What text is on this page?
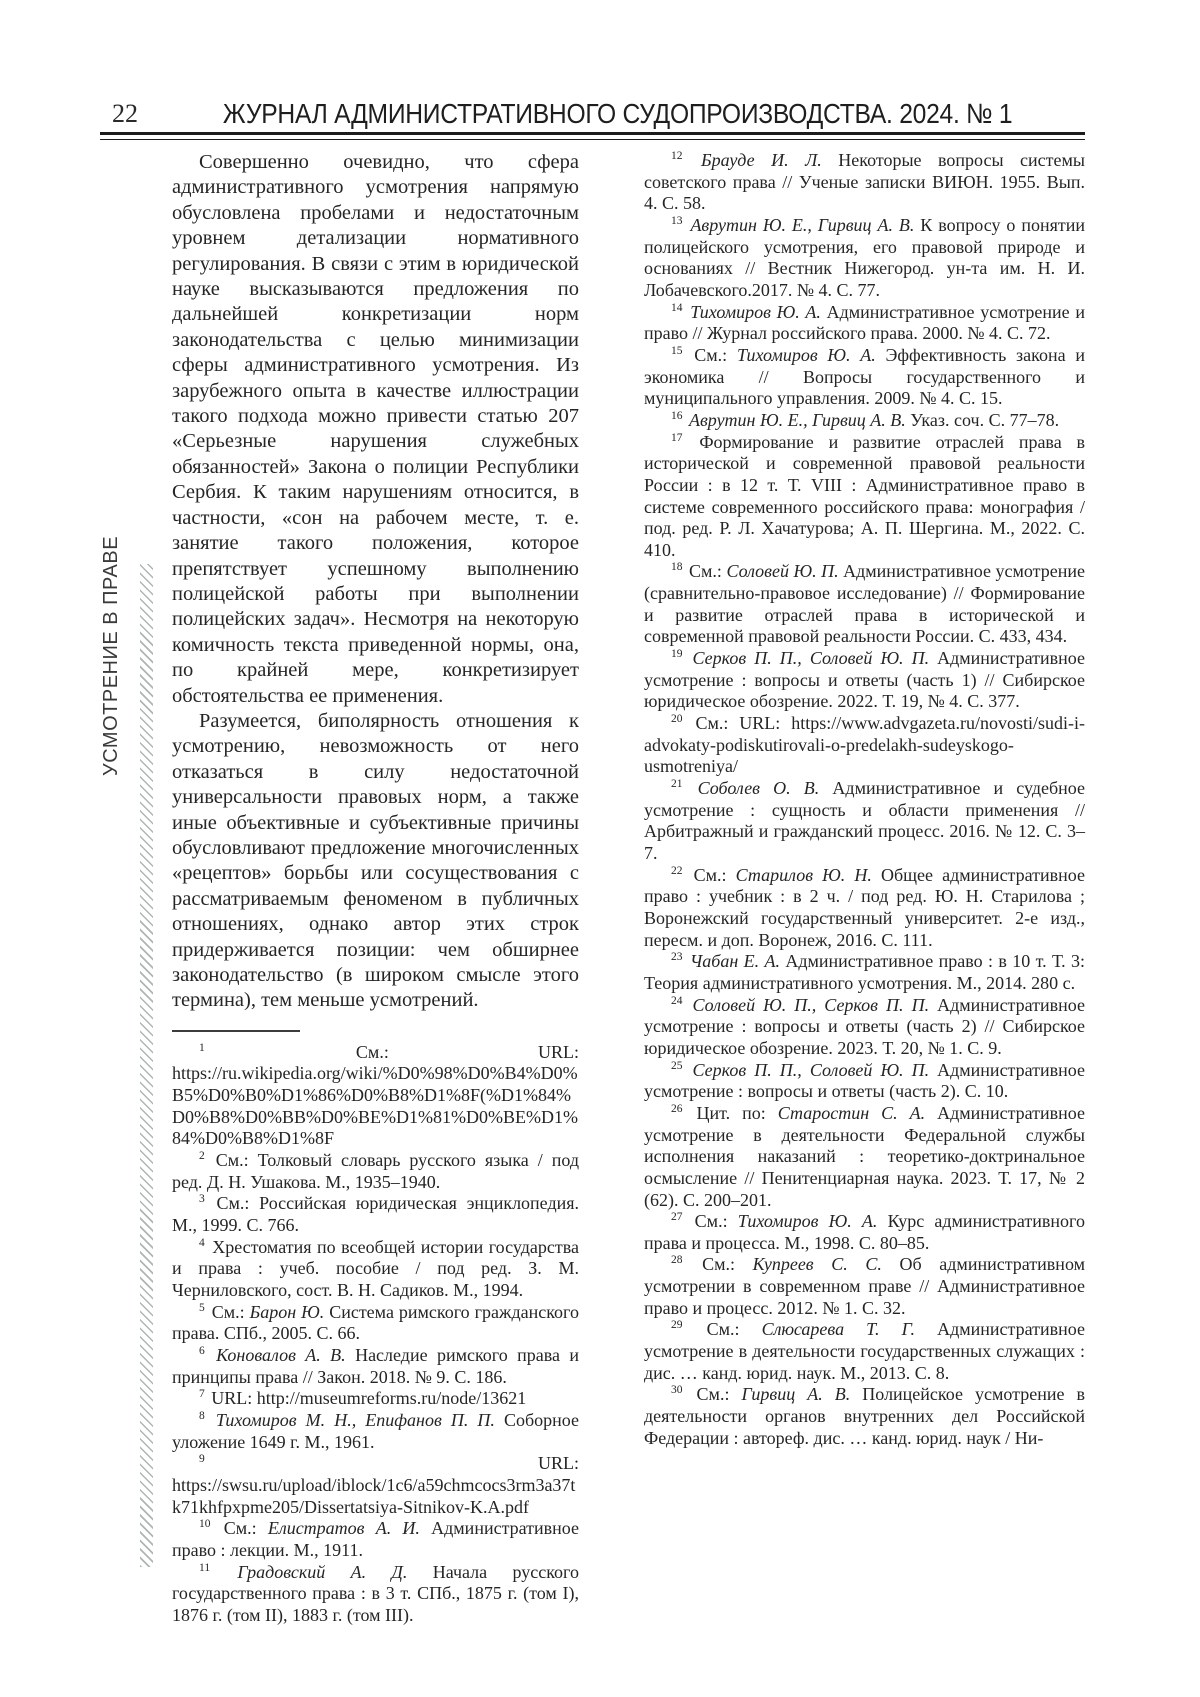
22	ЖУРНАЛ АДМИНИСТРАТИВНОГО СУДОПРОИЗВОДСТВА. 2024. № 1
УСМОТРЕНИЕ В ПРАВЕ

Совершенно очевидно, что сфера административного усмотрения напрямую обусловлена пробелами и недостаточным уровнем детализации нормативного регулирования. В связи с этим в юридической науке высказываются предложения по дальнейшей конкретизации норм законодательства с целью минимизации сферы административного усмотрения. Из зарубежного опыта в качестве иллюстрации такого подхода можно привести статью 207 «Серьезные нарушения служебных обязанностей» Закона о полиции Республики Сербия. К таким нарушениям относится, в частности, «сон на рабочем месте, т. е. занятие такого положения, которое препятствует успешному выполнению полицейской работы при выполнении полицейских задач». Несмотря на некоторую комичность текста приведенной нормы, она, по крайней мере, конкретизирует обстоятельства ее применения.

Разумеется, биполярность отношения к усмотрению, невозможность от него отказаться в силу недостаточной универсальности правовых норм, а также иные объективные и субъективные причины обусловливают предложение многочисленных «рецептов» борьбы или сосуществования с рассматриваемым феноменом в публичных отношениях, однако автор этих строк придерживается позиции: чем обширнее законодательство (в широком смысле этого термина), тем меньше усмотрений.

$^1$	См.: URL: https://ru.wikipedia.org/wiki/%D0%98%D0%B4%D0%B5%D0%B0%D1%86%D0%B8%D1%8F(%D1%84%D0%B8%D0%BB%D0%BE%D1%81%D0%BE%D1%84%D0%B8%D1%8F

$^2$ См.: Толковый словарь русского языка / под ред. Д. Н. Ушакова. М., 1935–1940.

$^3$ См.: Российская юридическая энциклопедия. М., 1999. С. 766.

$^4$ Хрестоматия по всеобщей истории государства и права : учеб. пособие / под ред. З. М. Черниловского, сост. В. Н. Садиков. М., 1994.

$^5$ См.: Барон Ю. Система римского гражданского права. СПб., 2005. С. 66.

$^6$ Коновалов А. В. Наследие римского права и принципы права // Закон. 2018. № 9. С. 186.

$^7$ URL: http://museumreforms.ru/node/13621

$^8$ Тихомиров М. Н., Епифанов П. П. Соборное уложение 1649 г. М., 1961.

$^9$	URL: https://swsu.ru/upload/iblock/1c6/a59chmcocs3rm3a37tk71khfpxpme205/Dissertatsiya-Sitnikov-K.A.pdf

$^{10}$ См.: Елистратов А. И. Административное право : лекции. М., 1911.

$^{11}$ Градовский А. Д. Начала русского государственного права : в 3 т. СПб., 1875 г. (том I), 1876 г. (том II), 1883 г. (том III).

$^{12}$ Брауде И. Л. Некоторые вопросы системы советского права // Ученые записки ВИЮН. 1955. Вып. 4. С. 58.

$^{13}$ Аврутин Ю. Е., Гирвиц А. В. К вопросу о понятии полицейского усмотрения, его правовой природе и основаниях // Вестник Нижегород. ун-та им. Н. И. Лобачевского.2017. № 4. С. 77.

$^{14}$ Тихомиров Ю. А. Административное усмотрение и право // Журнал российского права. 2000. № 4. С. 72.

$^{15}$ См.: Тихомиров Ю. А. Эффективность закона и экономика // Вопросы государственного и муниципального управления. 2009. № 4. С. 15.

$^{16}$ Аврутин Ю. Е., Гирвиц А. В. Указ. соч. С. 77–78.

$^{17}$ Формирование и развитие отраслей права в исторической и современной правовой реальности России : в 12 т. Т. VIII : Административное право в системе современного российского права: монография / под. ред. Р. Л. Хачатурова; А. П. Шергина. М., 2022. С. 410.

$^{18}$ См.: Соловей Ю. П. Административное усмотрение (сравнительно-правовое исследование) // Формирование и развитие отраслей права в исторической и современной правовой реальности России. С. 433, 434.

$^{19}$ Серков П. П., Соловей Ю. П. Административное усмотрение : вопросы и ответы (часть 1) // Сибирское юридическое обозрение. 2022. Т. 19, № 4. С. 377.

$^{20}$ См.: URL: https://www.advgazeta.ru/novosti/sudi-i-advokaty-podiskutirovali-o-predelakh-sudeyskogo-usmotreniya/

$^{21}$ Соболев О. В. Административное и судебное усмотрение : сущность и области применения // Арбитражный и гражданский процесс. 2016. № 12. С. 3–7.

$^{22}$ См.: Старилов Ю. Н. Общее административное право : учебник : в 2 ч. / под ред. Ю. Н. Старилова ; Воронежский государственный университет. 2-е изд., пересм. и доп. Воронеж, 2016. С. 111.

$^{23}$ Чабан Е. А. Административное право : в 10 т. Т. 3: Теория административного усмотрения. М., 2014. 280 с.

$^{24}$ Соловей Ю. П., Серков П. П. Административное усмотрение : вопросы и ответы (часть 2) // Сибирское юридическое обозрение. 2023. Т. 20, № 1. С. 9.

$^{25}$ Серков П. П., Соловей Ю. П. Административное усмотрение : вопросы и ответы (часть 2). С. 10.

$^{26}$ Цит. по: Старостин С. А. Административное усмотрение в деятельности Федеральной службы исполнения наказаний : теоретико-доктринальное осмысление // Пенитенциарная наука. 2023. Т. 17, № 2 (62). С. 200–201.

$^{27}$ См.: Тихомиров Ю. А. Курс административного права и процесса. М., 1998. С. 80–85.

$^{28}$ См.: Купреев С. С. Об административном усмотрении в современном праве // Административное право и процесс. 2012. № 1. С. 32.

$^{29}$ См.: Слюсарева Т. Г. Административное усмотрение в деятельности государственных служащих : дис. … канд. юрид. наук. М., 2013. С. 8.

$^{30}$ См.: Гирвиц А. В. Полицейское усмотрение в деятельности органов внутренних дел Российской Федерации : автореф. дис. … канд. юрид. наук / Ни-
